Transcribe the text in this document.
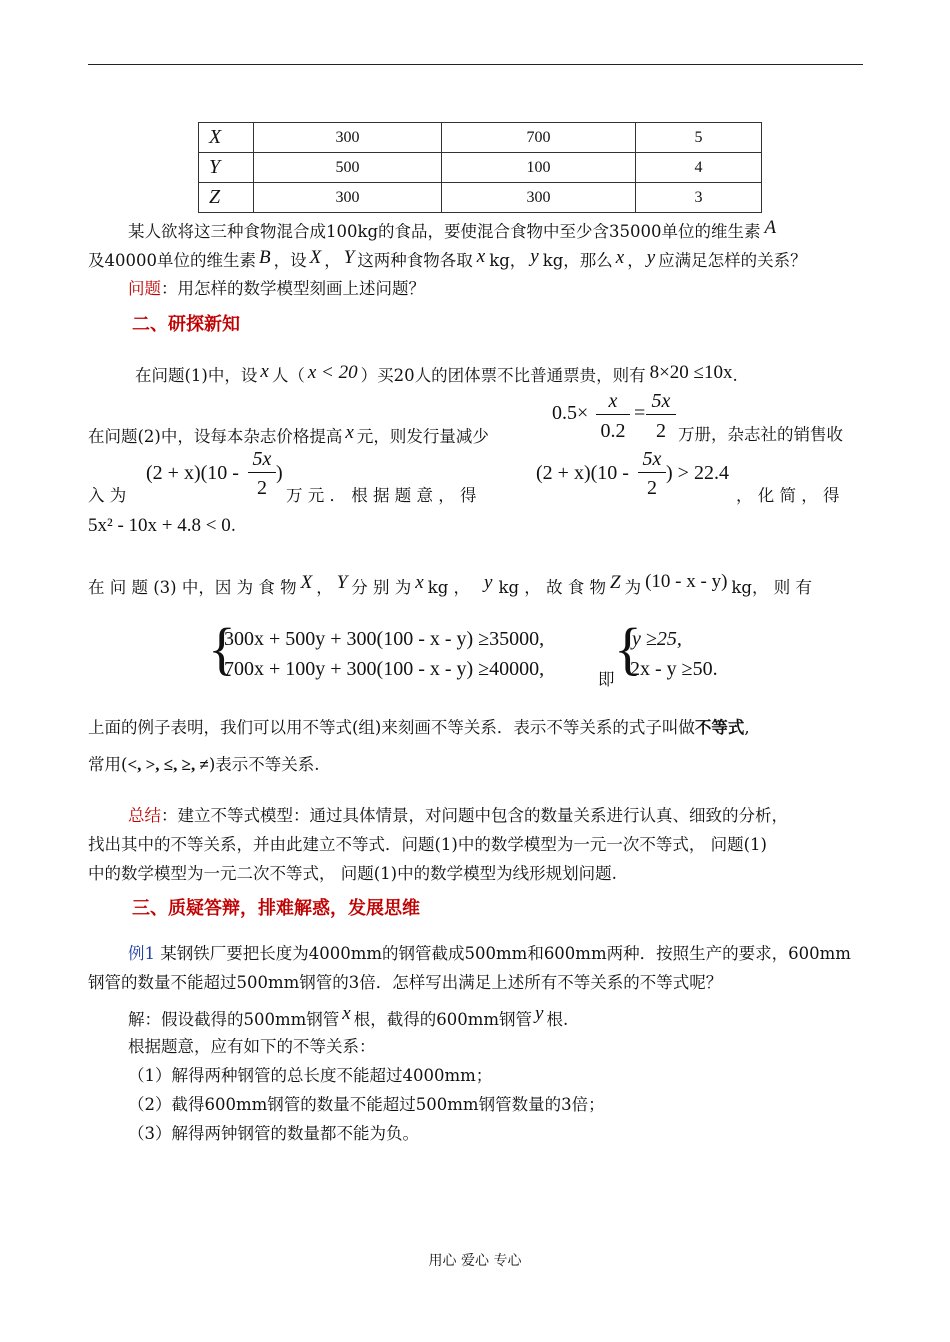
X	300	700	5
Y	500	100	4
Z	300	300	3
某人欲将这三种食物混合成100kg的食品，要使混合食物中至少含35000单位的维生素 A
及40000单位的维生素 B ，设 X ， Y 这两种食物各取 x kg， y kg，那么 x ， y 应满足怎样的关系？
问题：用怎样的数学模型刻画上述问题？
二、研探新知
在问题(1)中，设 x 人（ x < 20 ）买20人的团体票不比普通票贵，则有 8×20 ≤10x.
在问题(2)中，设每本杂志价格提高 x 元，则发行量减少
0.5×
x
0.2
=
5x
2 万册，杂志社的销售收
入 为
(2 + x)(10 -
5x
2
)
万 元 ． 根 据 题 意 ， 得
(2 + x)(10 -
5x
2
) > 22.4
， 化 简 ， 得
5x² - 10x + 4.8 < 0.
在 问 题 (3) 中，因 为 食 物 X ， Y 分 别 为 x kg ， y kg ， 故 食 物 Z 为 (10 - x - y) kg， 则 有
{
300x + 500y + 300(100 - x - y) ≥35000,
700x + 100y + 300(100 - x - y) ≥40000,	即 {
y ≥25,
2x - y ≥50.
上面的例子表明，我们可以用不等式(组)来刻画不等关系．表示不等关系的式子叫做不等式,
常用(<, >, ≤, ≥, ≠)表示不等关系.
总结：建立不等式模型：通过具体情景，对问题中包含的数量关系进行认真、细致的分析，
找出其中的不等关系，并由此建立不等式．问题(1)中的数学模型为一元一次不等式， 问题(1)
中的数学模型为一元二次不等式， 问题(1)中的数学模型为线形规划问题.
三、质疑答辩，排难解惑，发展思维
例1 某钢铁厂要把长度为4000mm的钢管截成500mm和600mm两种．按照生产的要求，600mm
钢管的数量不能超过500mm钢管的3倍．怎样写出满足上述所有不等关系的不等式呢？
解：假设截得的500mm钢管 x 根，截得的600mm钢管 y 根.
根据题意，应有如下的不等关系：
（1）解得两种钢管的总长度不能超过4000mm；
（2）截得600mm钢管的数量不能超过500mm钢管数量的3倍；
（3）解得两钟钢管的数量都不能为负。
用心 爱心 专心
